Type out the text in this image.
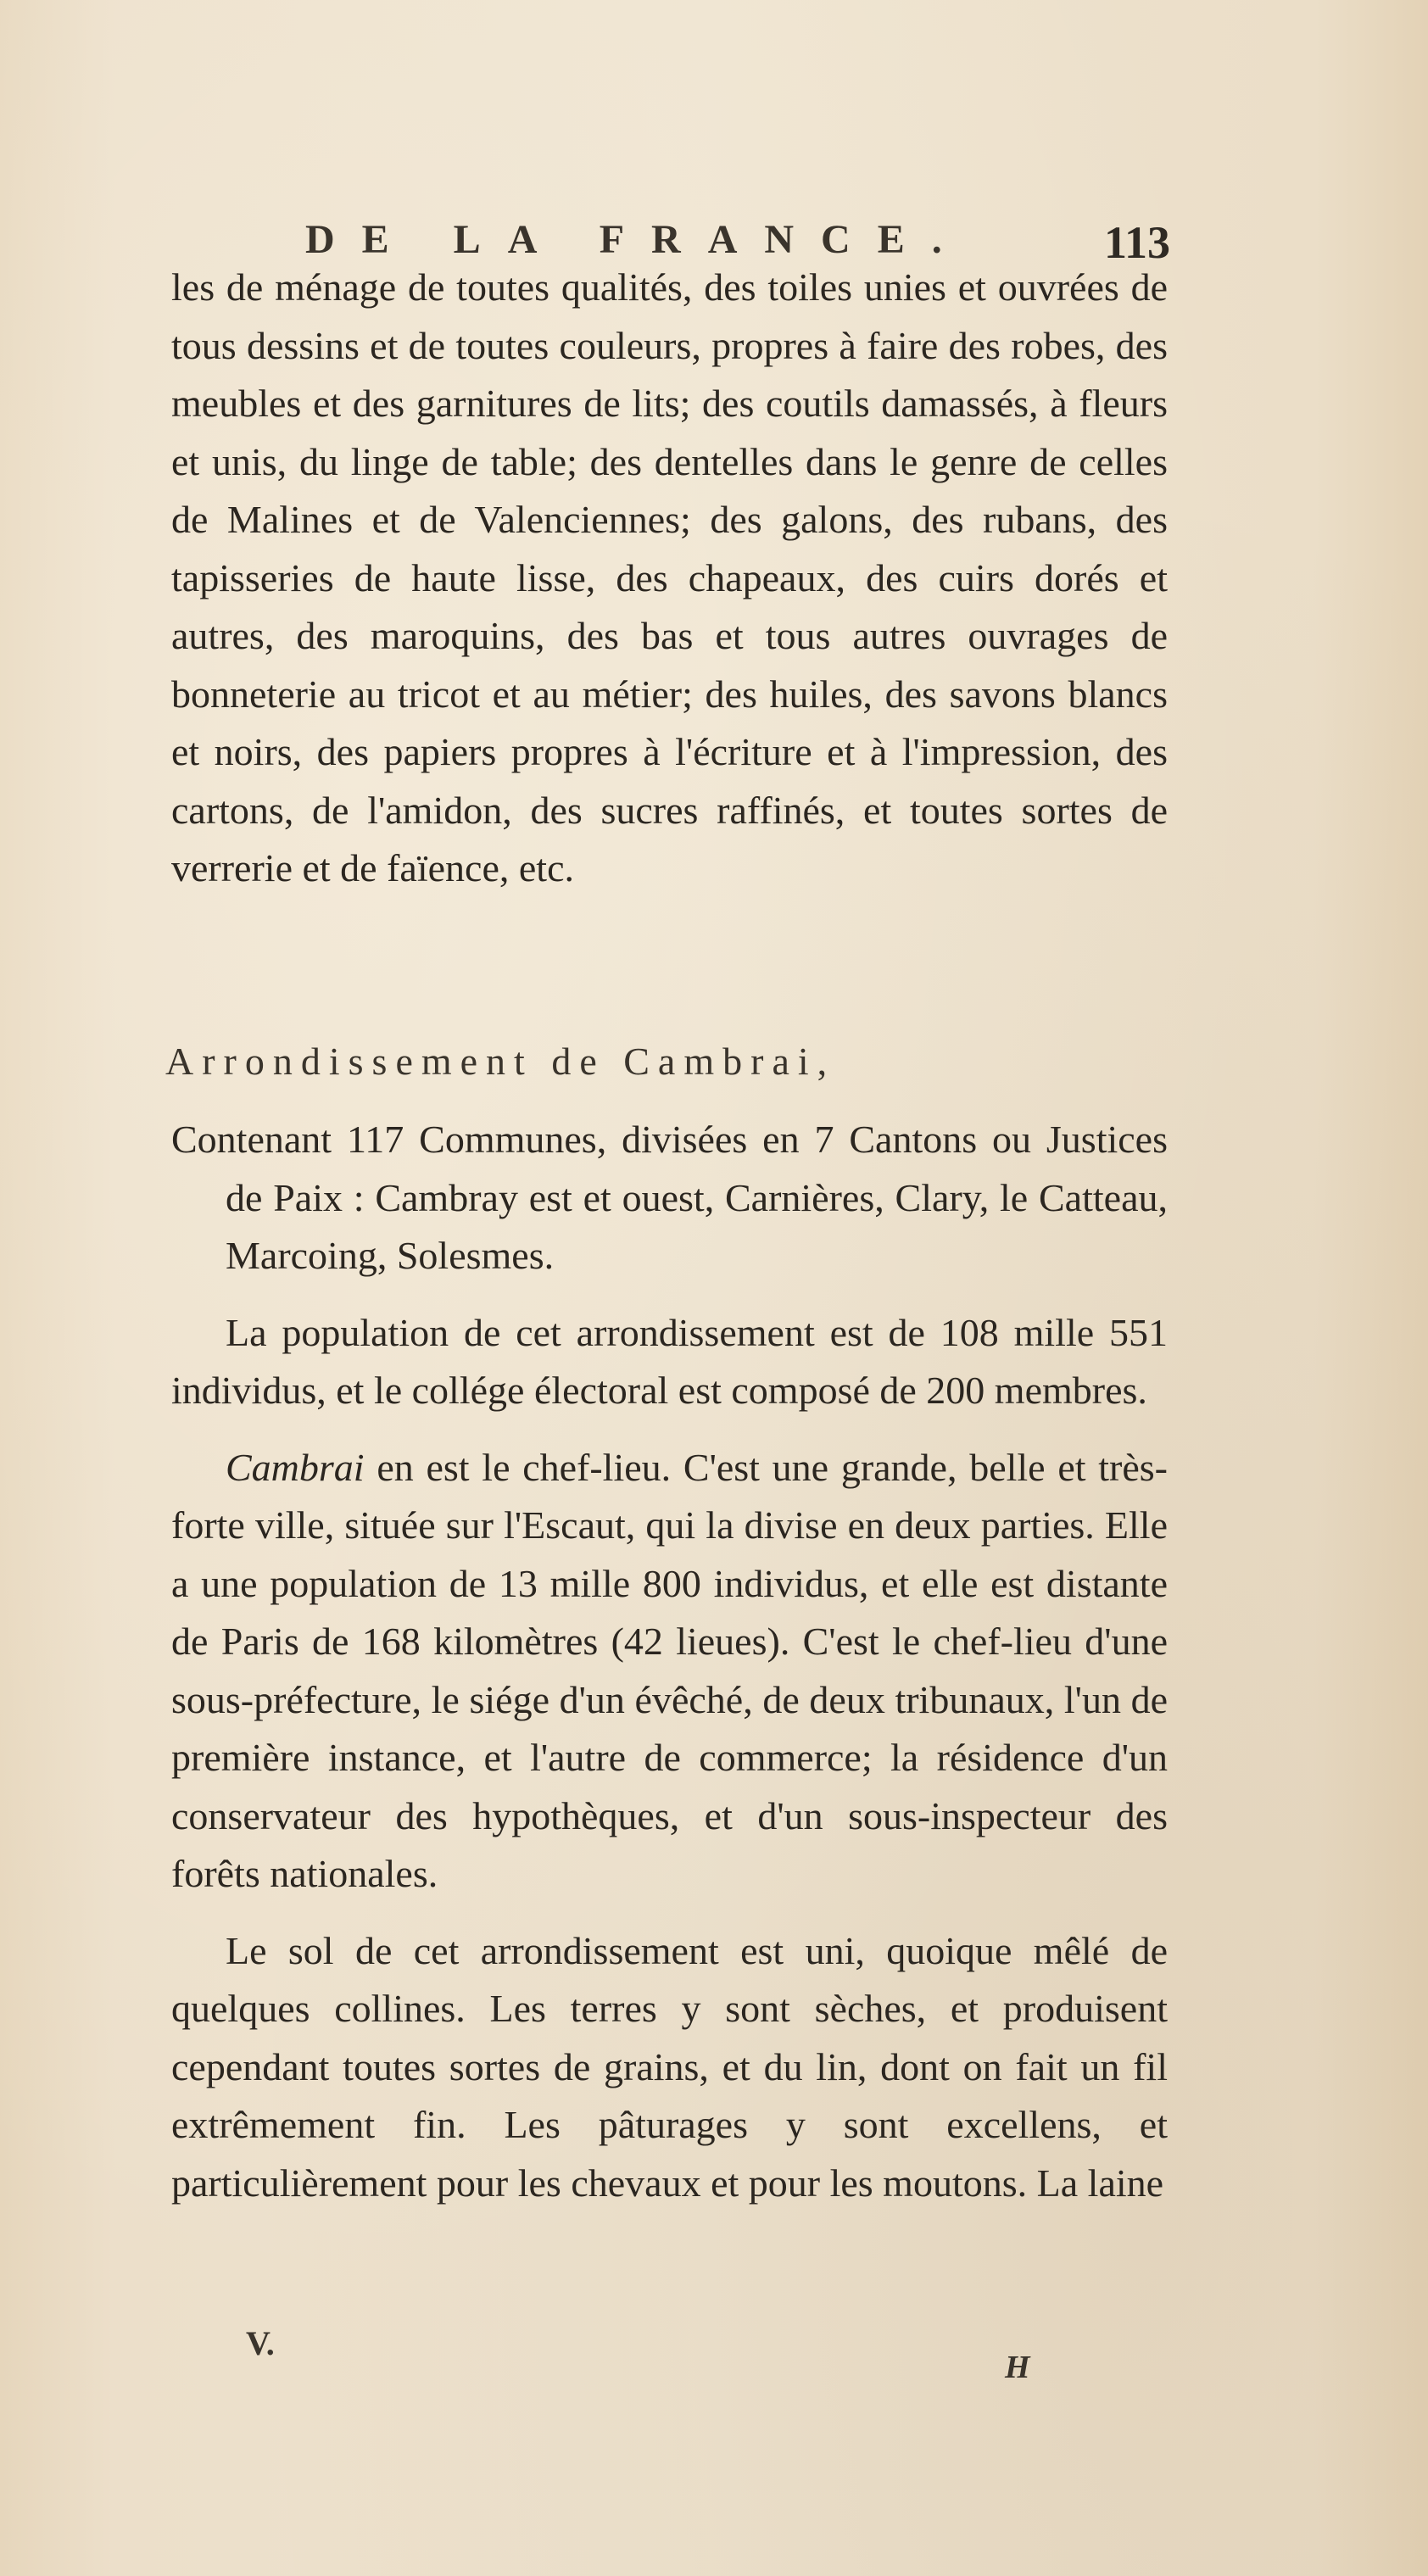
DE LA FRANCE.	113

les de ménage de toutes qualités, des toiles unies et ouvrées de tous dessins et de toutes couleurs, propres à faire des robes, des meubles et des garnitures de lits; des coutils damassés, à fleurs et unis, du linge de table; des dentelles dans le genre de celles de Malines et de Valenciennes; des galons, des rubans, des tapisseries de haute lisse, des chapeaux, des cuirs dorés et autres, des maroquins, des bas et tous autres ouvrages de bonneterie au tricot et au métier; des huiles, des savons blancs et noirs, des papiers propres à l'écriture et à l'impression, des cartons, de l'amidon, des sucres raffinés, et toutes sortes de verrerie et de faïence, etc.

Arrondissement de Cambrai,

Contenant 117 Communes, divisées en 7 Cantons ou Justices de Paix : Cambray est et ouest, Carnières, Clary, le Catteau, Marcoing, Solesmes.

La population de cet arrondissement est de 108 mille 551 individus, et le collége électoral est composé de 200 membres.

Cambrai en est le chef-lieu. C'est une grande, belle et très-forte ville, située sur l'Escaut, qui la divise en deux parties. Elle a une population de 13 mille 800 individus, et elle est distante de Paris de 168 kilomètres (42 lieues). C'est le chef-lieu d'une sous-préfecture, le siége d'un évêché, de deux tribunaux, l'un de première instance, et l'autre de commerce; la résidence d'un conservateur des hypothèques, et d'un sous-inspecteur des forêts nationales.

Le sol de cet arrondissement est uni, quoique mêlé de quelques collines. Les terres y sont sèches, et produisent cependant toutes sortes de grains, et du lin, dont on fait un fil extrêmement fin. Les pâturages y sont excellens, et particulièrement pour les chevaux et pour les moutons. La laine

V.
H
